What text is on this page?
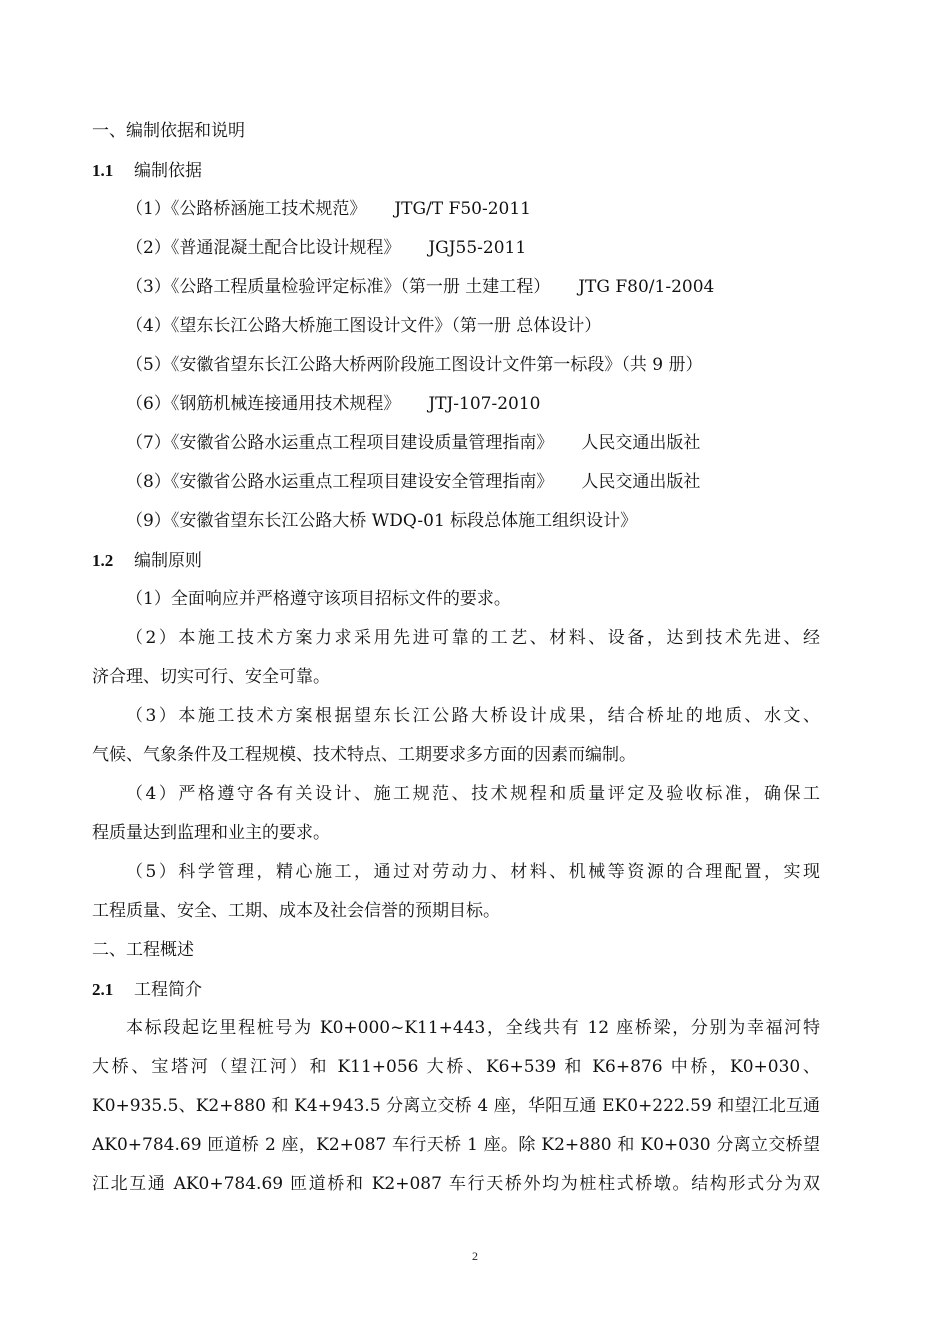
一、编制依据和说明

1.1 编制依据

（1）《公路桥涵施工技术规范》 JTG/T F50-2011

（2）《普通混凝土配合比设计规程》 JGJ55-2011

（3）《公路工程质量检验评定标准》（第一册 土建工程） JTG F80/1-2004

（4）《望东长江公路大桥施工图设计文件》（第一册 总体设计）

（5）《安徽省望东长江公路大桥两阶段施工图设计文件第一标段》（共 9 册）

（6）《钢筋机械连接通用技术规程》 JTJ-107-2010

（7）《安徽省公路水运重点工程项目建设质量管理指南》 人民交通出版社

（8）《安徽省公路水运重点工程项目建设安全管理指南》 人民交通出版社

（9）《安徽省望东长江公路大桥 WDQ-01 标段总体施工组织设计》

1.2 编制原则

（1）全面响应并严格遵守该项目招标文件的要求。

（2）本施工技术方案力求采用先进可靠的工艺、材料、设备，达到技术先进、经

济合理、切实可行、安全可靠。

（3）本施工技术方案根据望东长江公路大桥设计成果，结合桥址的地质、水文、

气候、气象条件及工程规模、技术特点、工期要求多方面的因素而编制。

（4）严格遵守各有关设计、施工规范、技术规程和质量评定及验收标准，确保工

程质量达到监理和业主的要求。

（5）科学管理，精心施工，通过对劳动力、材料、机械等资源的合理配置，实现

工程质量、安全、工期、成本及社会信誉的预期目标。

二、工程概述

2.1 工程简介

本标段起讫里程桩号为 K0+000~K11+443，全线共有 12 座桥梁，分别为幸福河特
大桥、宝塔河（望江河）和 K11+056 大桥、K6+539 和 K6+876 中桥，K0+030、
K0+935.5、K2+880 和 K4+943.5 分离立交桥 4 座，华阳互通 EK0+222.59 和望江北互通
AK0+784.69 匝道桥 2 座，K2+087 车行天桥 1 座。除 K2+880 和 K0+030 分离立交桥望
江北互通 AK0+784.69 匝道桥和 K2+087 车行天桥外均为桩柱式桥墩。结构形式分为双
2
